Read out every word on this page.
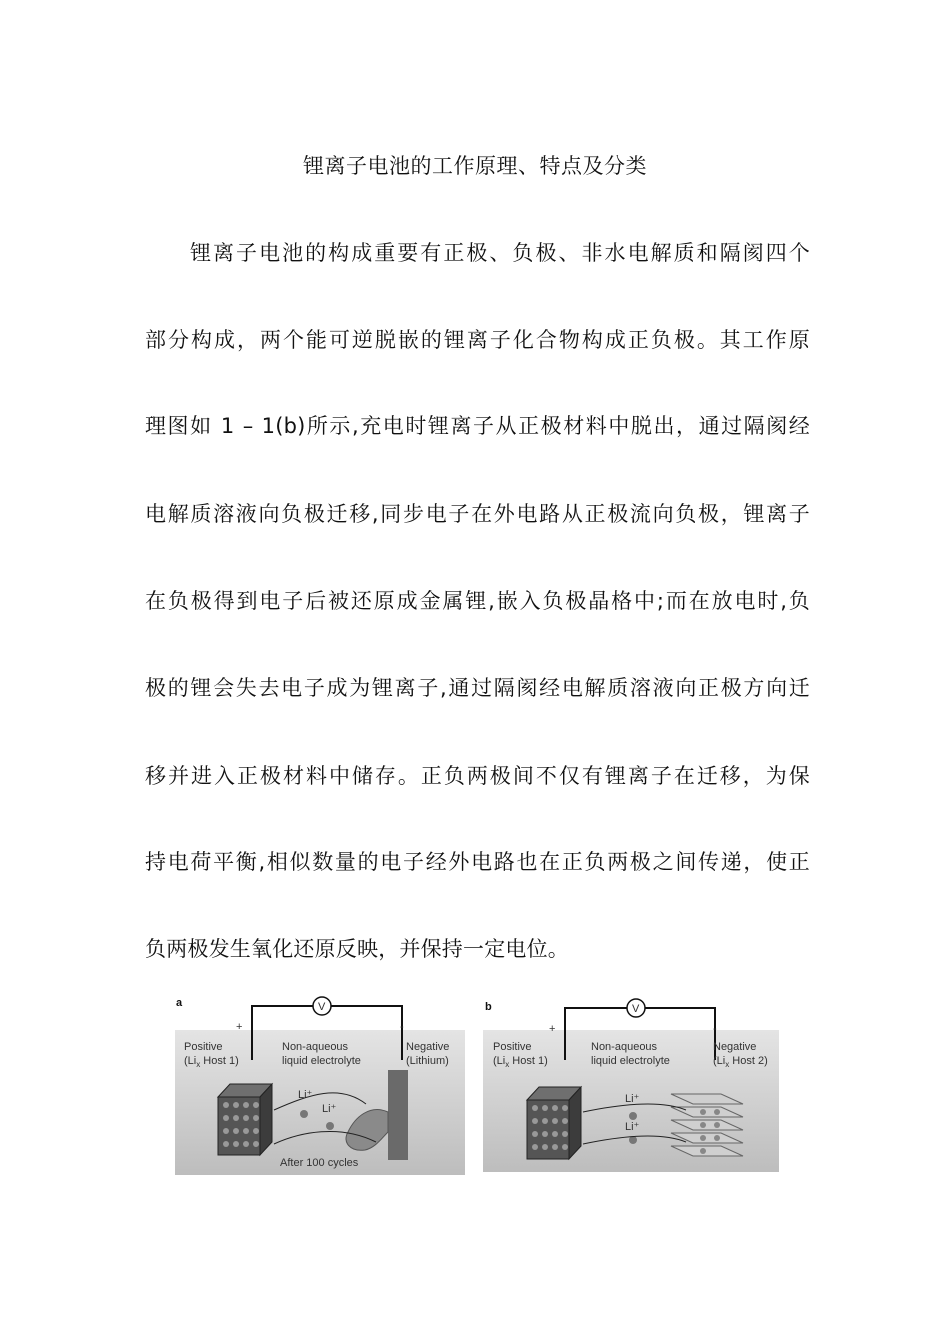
锂离子电池的工作原理、特点及分类
锂离子电池的构成重要有正极、负极、非水电解质和隔阂四个
部分构成，两个能可逆脱嵌的锂离子化合物构成正负极。其工作原
理图如 1 – 1(b)所示,充电时锂离子从正极材料中脱出，通过隔阂经
电解质溶液向负极迁移,同步电子在外电路从正极流向负极，锂离子
在负极得到电子后被还原成金属锂,嵌入负极晶格中;而在放电时,负
极的锂会失去电子成为锂离子,通过隔阂经电解质溶液向正极方向迁
移并进入正极材料中储存。正负两极间不仅有锂离子在迁移，为保
持电荷平衡,相似数量的电子经外电路也在正负两极之间传递，使正
负两极发生氧化还原反映，并保持一定电位。
a	V
+	-
Positive
($Li_x$ Host 1)
Non-aqueous
liquid electrolyte
Negative
(Lithium)
Li⁺
Li⁺
After 100 cycles
b	V
+	-
Positive
($Li_x$ Host 1)
Non-aqueous
liquid electrolyte
Negative
($Li_x$ Host 2)
Li⁺
Li⁺
